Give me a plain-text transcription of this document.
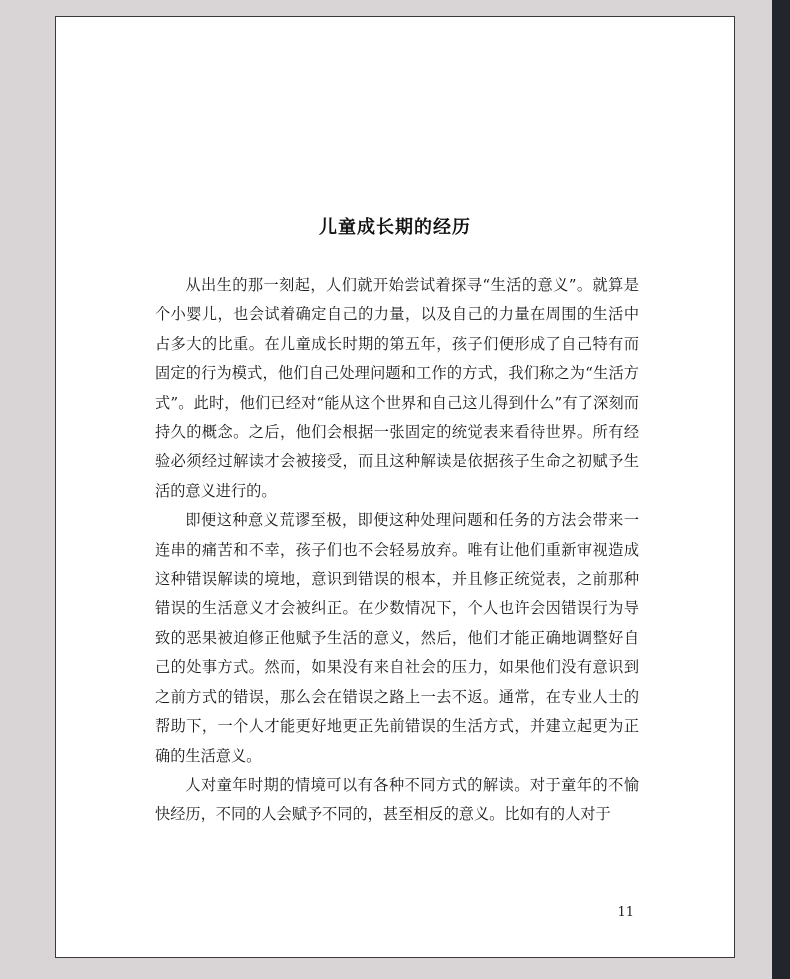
儿童成长期的经历

从出生的那一刻起，人们就开始尝试着探寻“生活的意义”。就算是个小婴儿，也会试着确定自己的力量，以及自己的力量在周围的生活中占多大的比重。在儿童成长时期的第五年，孩子们便形成了自己特有而固定的行为模式，他们自己处理问题和工作的方式，我们称之为“生活方式”。此时，他们已经对“能从这个世界和自己这儿得到什么”有了深刻而持久的概念。之后，他们会根据一张固定的统觉表来看待世界。所有经验必须经过解读才会被接受，而且这种解读是依据孩子生命之初赋予生活的意义进行的。

即便这种意义荒谬至极，即便这种处理问题和任务的方法会带来一连串的痛苦和不幸，孩子们也不会轻易放弃。唯有让他们重新审视造成这种错误解读的境地，意识到错误的根本，并且修正统觉表，之前那种错误的生活意义才会被纠正。在少数情况下，个人也许会因错误行为导致的恶果被迫修正他赋予生活的意义，然后，他们才能正确地调整好自己的处事方式。然而，如果没有来自社会的压力，如果他们没有意识到之前方式的错误，那么会在错误之路上一去不返。通常，在专业人士的帮助下，一个人才能更好地更正先前错误的生活方式，并建立起更为正确的生活意义。

人对童年时期的情境可以有各种不同方式的解读。对于童年的不愉快经历，不同的人会赋予不同的，甚至相反的意义。比如有的人对于

11
